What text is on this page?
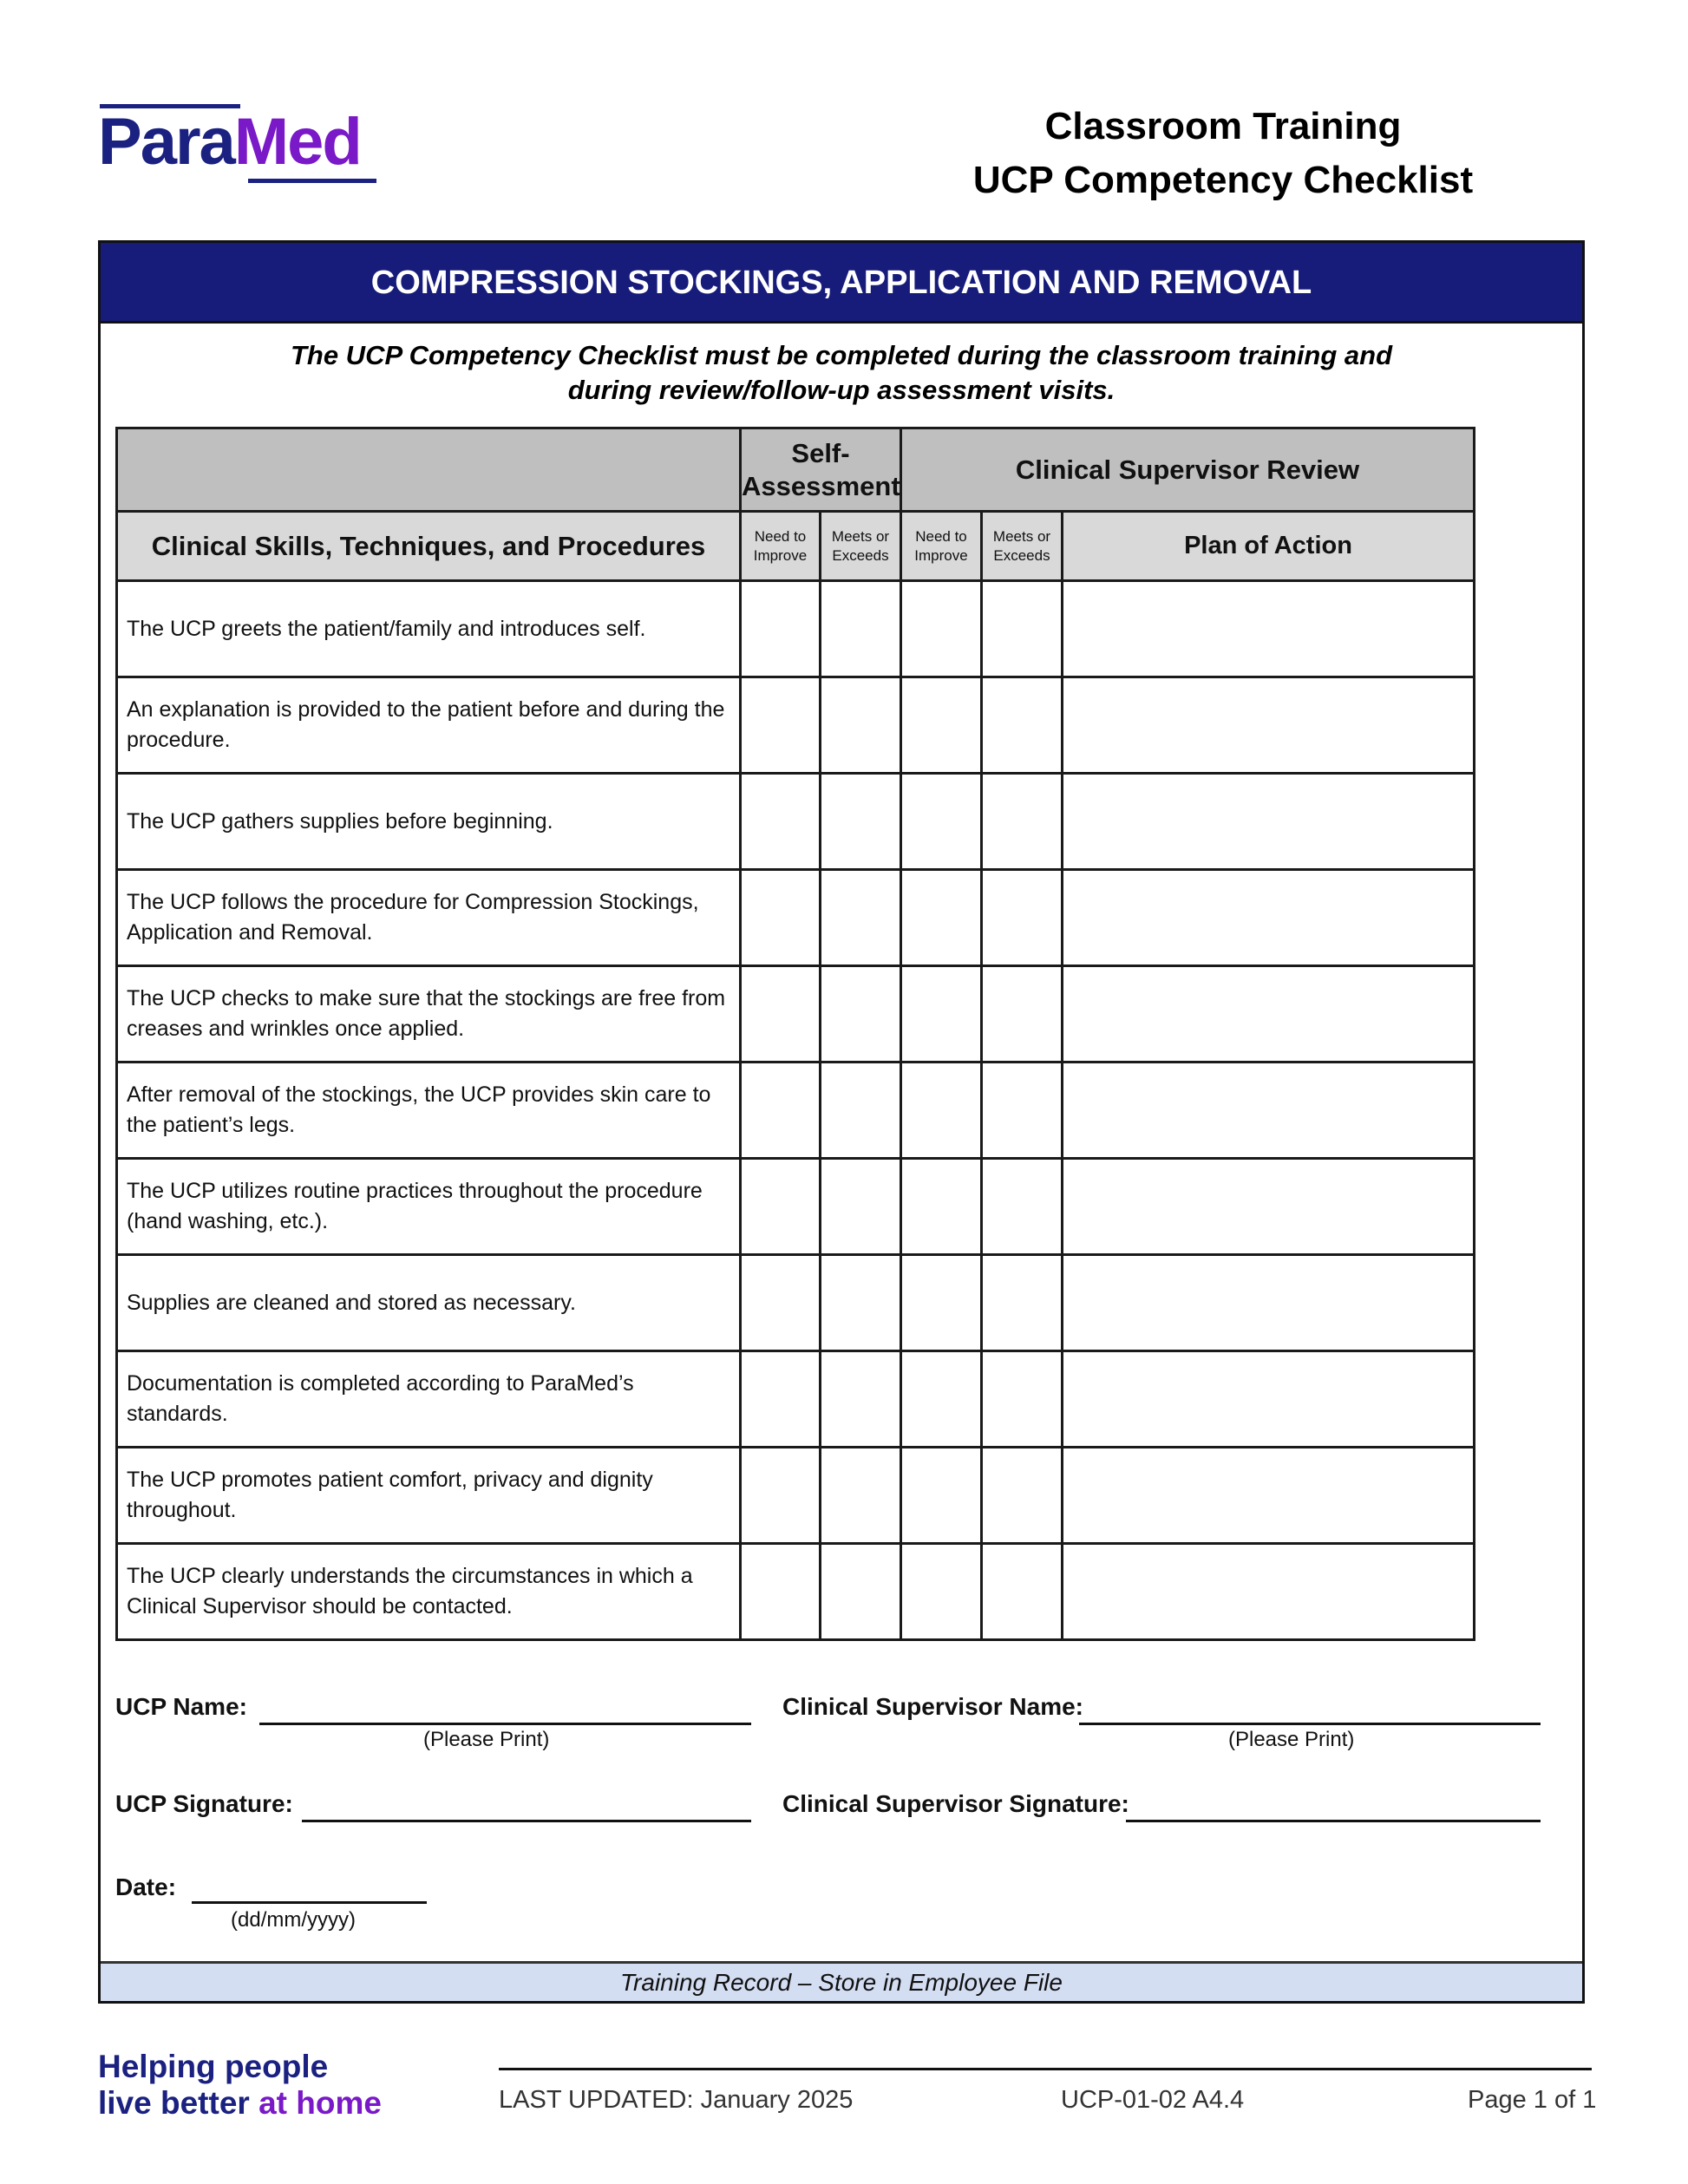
ParaMed	Classroom Training
UCP Competency Checklist
COMPRESSION STOCKINGS, APPLICATION AND REMOVAL
The UCP Competency Checklist must be completed during the classroom training and
during review/follow-up assessment visits.
	Self-Assessment		Clinical Supervisor Review		
Clinical Skills, Techniques, and Procedures	Need to Improve	Meets or Exceeds	Need to Improve	Meets or Exceeds	Plan of Action
The UCP greets the patient/family and introduces self.					
An explanation is provided to the patient before and during the procedure.					
The UCP gathers supplies before beginning.					
The UCP follows the procedure for Compression Stockings, Application and Removal.					
The UCP checks to make sure that the stockings are free from creases and wrinkles once applied.					
After removal of the stockings, the UCP provides skin care to the patient’s legs.					
The UCP utilizes routine practices throughout the procedure (hand washing, etc.).					
Supplies are cleaned and stored as necessary.					
Documentation is completed according to ParaMed’s standards.					
The UCP promotes patient comfort, privacy and dignity throughout.					
The UCP clearly understands the circumstances in which a Clinical Supervisor should be contacted.					
UCP Name:
(Please Print)
UCP Signature:
Date:
(dd/mm/yyyy)
Clinical Supervisor Name:
(Please Print)
Clinical Supervisor Signature:
Training Record – Store in Employee File
Helping people
live better at home	LAST UPDATED: January 2025	UCP-01-02 A4.4	Page 1 of 1
